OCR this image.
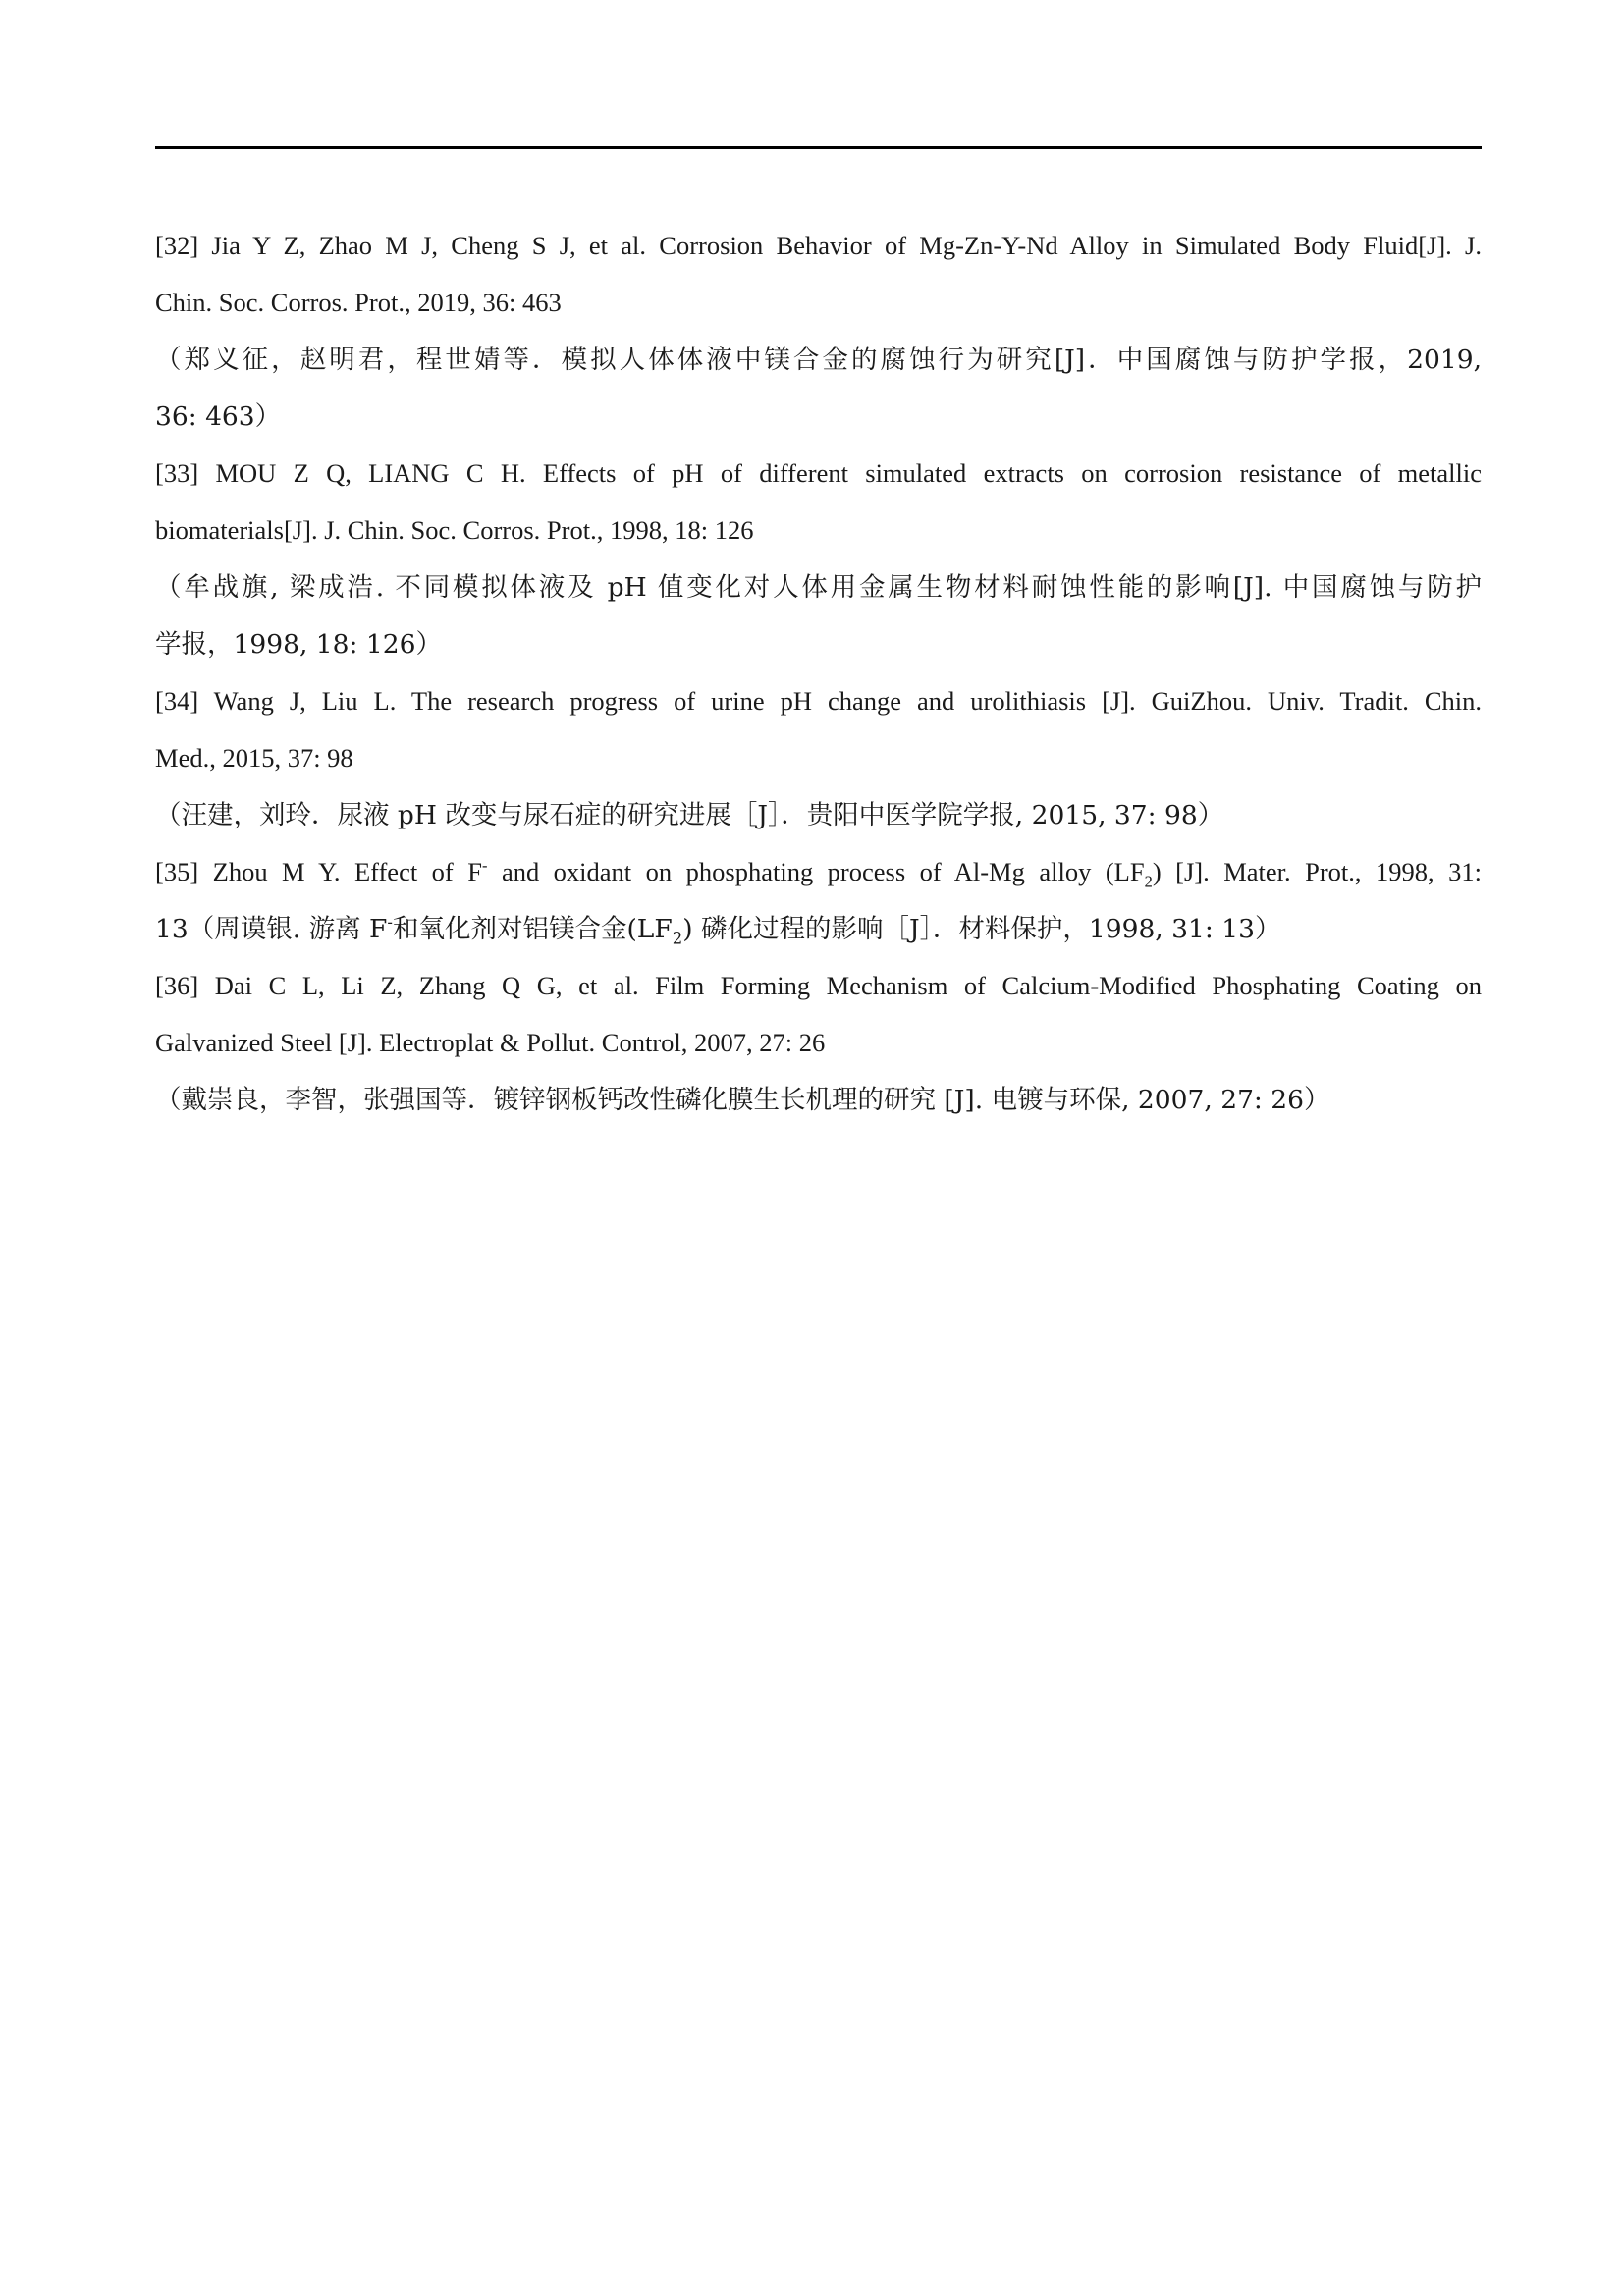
[32] Jia Y Z, Zhao M J, Cheng S J, et al. Corrosion Behavior of Mg-Zn-Y-Nd Alloy in Simulated Body Fluid[J]. J.
Chin. Soc. Corros. Prot., 2019, 36: 463
（郑义征，赵明君，程世婧等．模拟人体体液中镁合金的腐蚀行为研究[J]．中国腐蚀与防护学报，2019,
36: 463）
[33] MOU Z Q, LIANG C H. Effects of pH of different simulated extracts on corrosion resistance of metallic
biomaterials[J]. J. Chin. Soc. Corros. Prot., 1998, 18: 126
（牟战旗, 梁成浩. 不同模拟体液及 pH 值变化对人体用金属生物材料耐蚀性能的影响[J]. 中国腐蚀与防护
学报，1998, 18: 126）
[34] Wang J, Liu L. The research progress of urine pH change and urolithiasis [J]. GuiZhou. Univ. Tradit. Chin.
Med., 2015, 37: 98
（汪建，刘玲．尿液 pH 改变与尿石症的研究进展［J］．贵阳中医学院学报, 2015, 37: 98）
[35] Zhou M Y. Effect of F- and oxidant on phosphating process of Al-Mg alloy $(LF_2)$ [J]. Mater. Prot., 1998, 31:
13（周谟银. 游离 F-和氧化剂对铝镁合金$(LF_2)$ 磷化过程的影响［J］．材料保护，1998, 31: 13）
[36] Dai C L, Li Z, Zhang Q G, et al. Film Forming Mechanism of Calcium-Modified Phosphating Coating on
Galvanized Steel [J]. Electroplat & Pollut. Control, 2007, 27: 26
（戴崇良，李智，张强国等．镀锌钢板钙改性磷化膜生长机理的研究 [J]. 电镀与环保, 2007, 27: 26）
